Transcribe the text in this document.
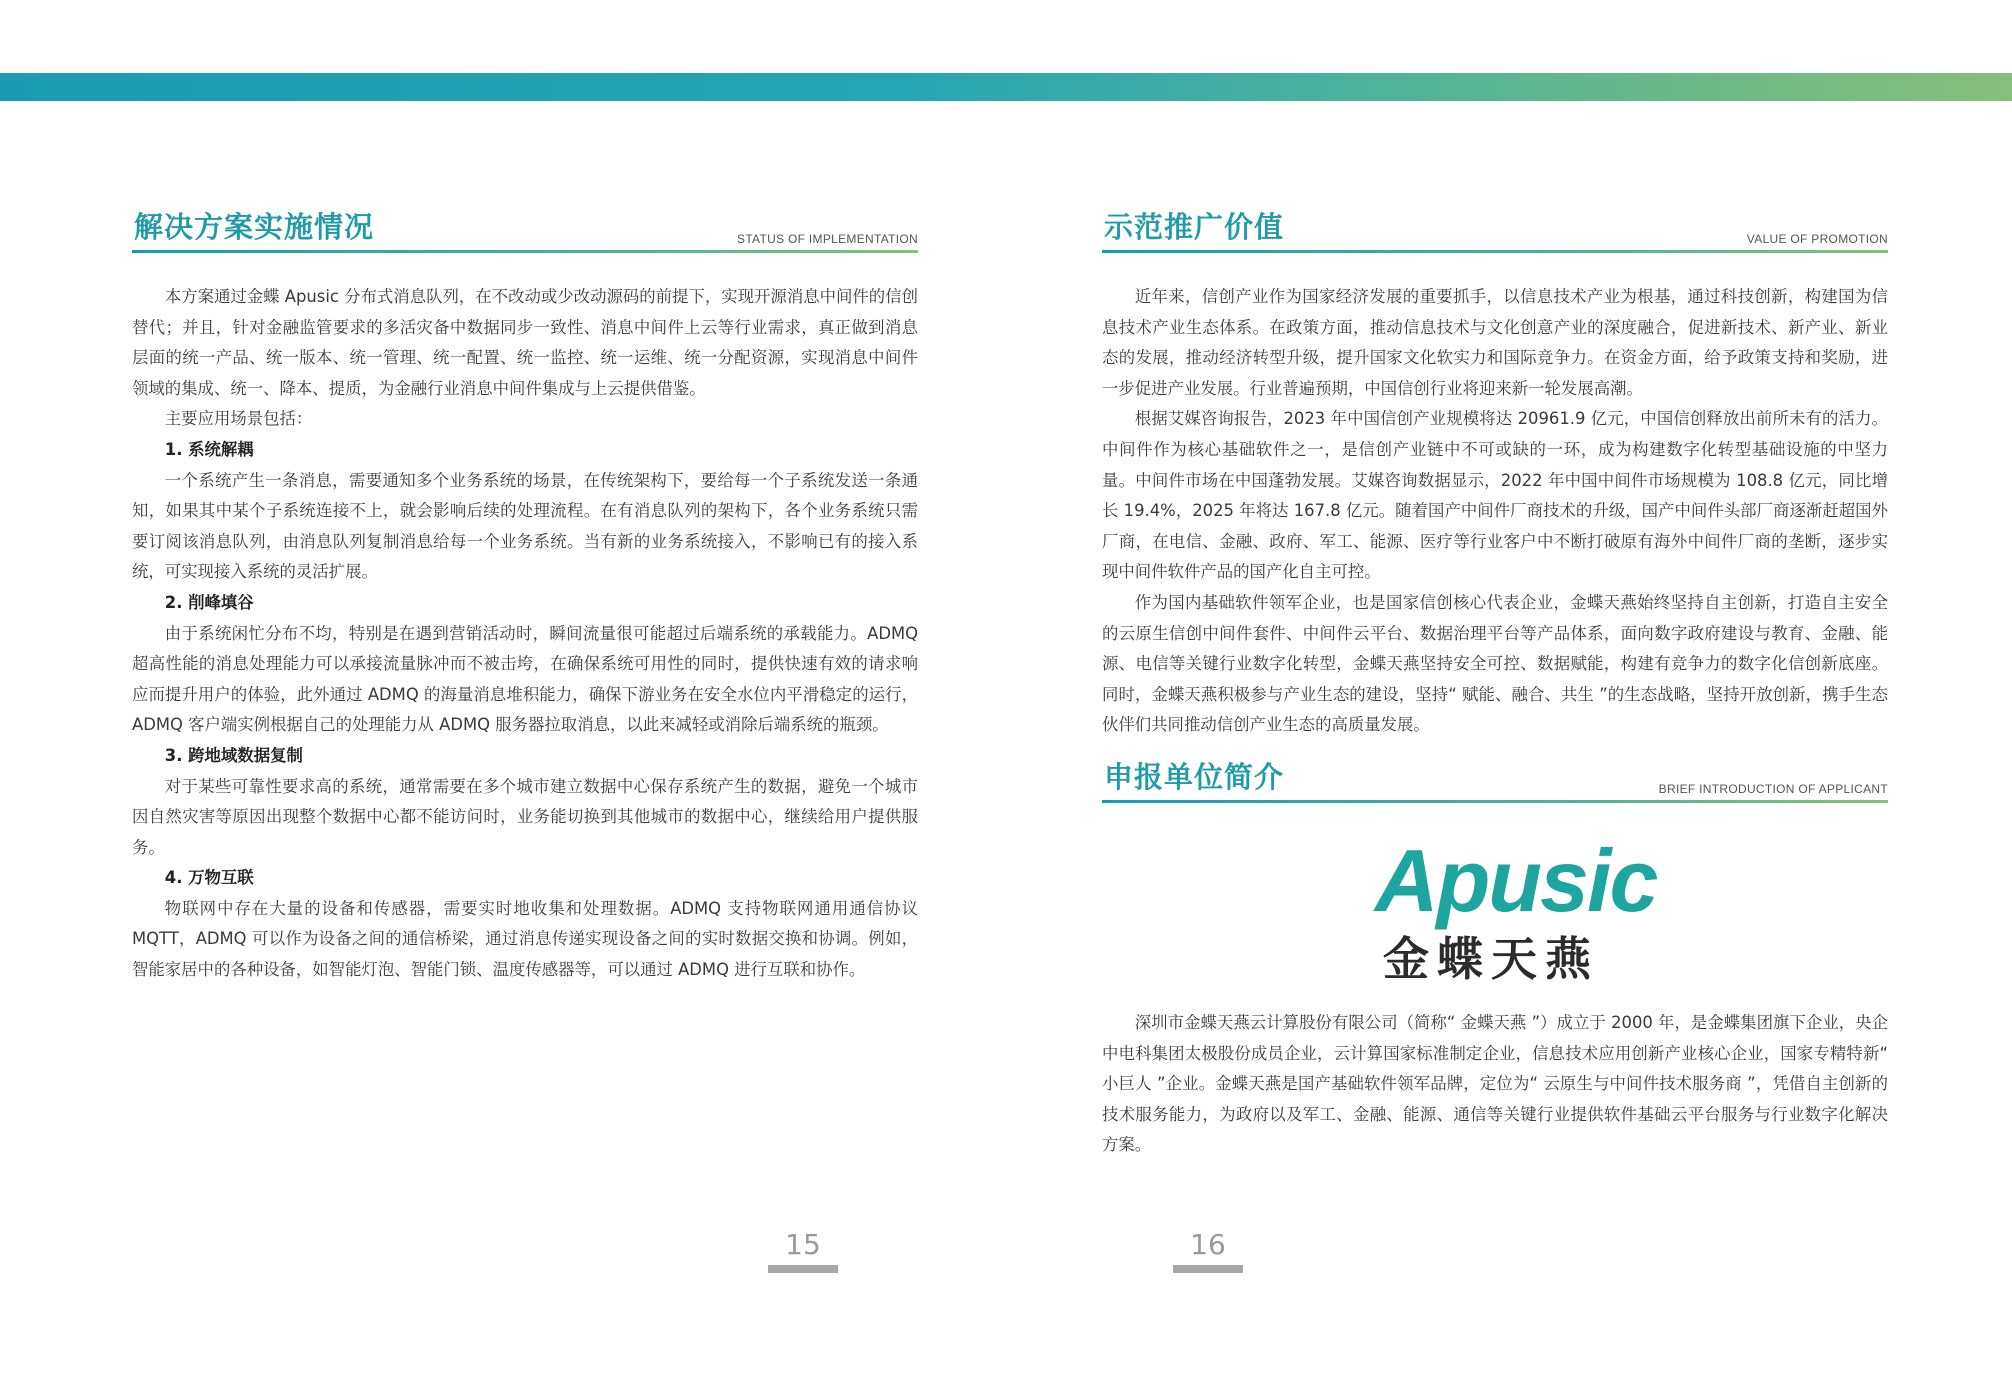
解决方案实施情况	STATUS OF IMPLEMENTATION

本方案通过金蝶 Apusic 分布式消息队列，在不改动或少改动源码的前提下，实现开源消息中间件的信创替代；并且，针对金融监管要求的多活灾备中数据同步一致性、消息中间件上云等行业需求，真正做到消息层面的统一产品、统一版本、统一管理、统一配置、统一监控、统一运维、统一分配资源，实现消息中间件领域的集成、统一、降本、提质，为金融行业消息中间件集成与上云提供借鉴。

主要应用场景包括：
1. 系统解耦

一个系统产生一条消息，需要通知多个业务系统的场景，在传统架构下，要给每一个子系统发送一条通知，如果其中某个子系统连接不上，就会影响后续的处理流程。在有消息队列的架构下，各个业务系统只需要订阅该消息队列，由消息队列复制消息给每一个业务系统。当有新的业务系统接入，不影响已有的接入系统，可实现接入系统的灵活扩展。

2. 削峰填谷

由于系统闲忙分布不均，特别是在遇到营销活动时，瞬间流量很可能超过后端系统的承载能力。ADMQ 超高性能的消息处理能力可以承接流量脉冲而不被击垮，在确保系统可用性的同时，提供快速有效的请求响应而提升用户的体验，此外通过 ADMQ 的海量消息堆积能力，确保下游业务在安全水位内平滑稳定的运行，ADMQ 客户端实例根据自己的处理能力从 ADMQ 服务器拉取消息，以此来减轻或消除后端系统的瓶颈。

3. 跨地域数据复制

对于某些可靠性要求高的系统，通常需要在多个城市建立数据中心保存系统产生的数据，避免一个城市因自然灾害等原因出现整个数据中心都不能访问时，业务能切换到其他城市的数据中心，继续给用户提供服务。

4. 万物互联

物联网中存在大量的设备和传感器，需要实时地收集和处理数据。ADMQ 支持物联网通用通信协议 MQTT，ADMQ 可以作为设备之间的通信桥梁，通过消息传递实现设备之间的实时数据交换和协调。例如，智能家居中的各种设备，如智能灯泡、智能门锁、温度传感器等，可以通过 ADMQ 进行互联和协作。

示范推广价值	VALUE OF PROMOTION

近年来，信创产业作为国家经济发展的重要抓手，以信息技术产业为根基，通过科技创新，构建国为信息技术产业生态体系。在政策方面，推动信息技术与文化创意产业的深度融合，促进新技术、新产业、新业态的发展，推动经济转型升级，提升国家文化软实力和国际竞争力。在资金方面，给予政策支持和奖励，进一步促进产业发展。行业普遍预期，中国信创行业将迎来新一轮发展高潮。

根据艾媒咨询报告，2023 年中国信创产业规模将达 20961.9 亿元，中国信创释放出前所未有的活力。中间件作为核心基础软件之一，是信创产业链中不可或缺的一环，成为构建数字化转型基础设施的中坚力量。中间件市场在中国蓬勃发展。艾媒咨询数据显示，2022 年中国中间件市场规模为 108.8 亿元，同比增长 19.4%，2025 年将达 167.8 亿元。随着国产中间件厂商技术的升级，国产中间件头部厂商逐渐赶超国外厂商，在电信、金融、政府、军工、能源、医疗等行业客户中不断打破原有海外中间件厂商的垄断，逐步实现中间件软件产品的国产化自主可控。

作为国内基础软件领军企业，也是国家信创核心代表企业，金蝶天燕始终坚持自主创新，打造自主安全的云原生信创中间件套件、中间件云平台、数据治理平台等产品体系，面向数字政府建设与教育、金融、能源、电信等关键行业数字化转型，金蝶天燕坚持安全可控、数据赋能，构建有竞争力的数字化信创新底座。同时，金蝶天燕积极参与产业生态的建设，坚持“ 赋能、融合、共生 ”的生态战略，坚持开放创新，携手生态伙伴们共同推动信创产业生态的高质量发展。

申报单位简介	BRIEF INTRODUCTION OF APPLICANT

深圳市金蝶天燕云计算股份有限公司（简称“ 金蝶天燕 ”）成立于 2000 年，是金蝶集团旗下企业，央企中电科集团太极股份成员企业，云计算国家标准制定企业，信息技术应用创新产业核心企业，国家专精特新“ 小巨人 ”企业。金蝶天燕是国产基础软件领军品牌，定位为“ 云原生与中间件技术服务商 ”，凭借自主创新的技术服务能力，为政府以及军工、金融、能源、通信等关键行业提供软件基础云平台服务与行业数字化解决方案。

Apusic
金蝶天燕
15	16
